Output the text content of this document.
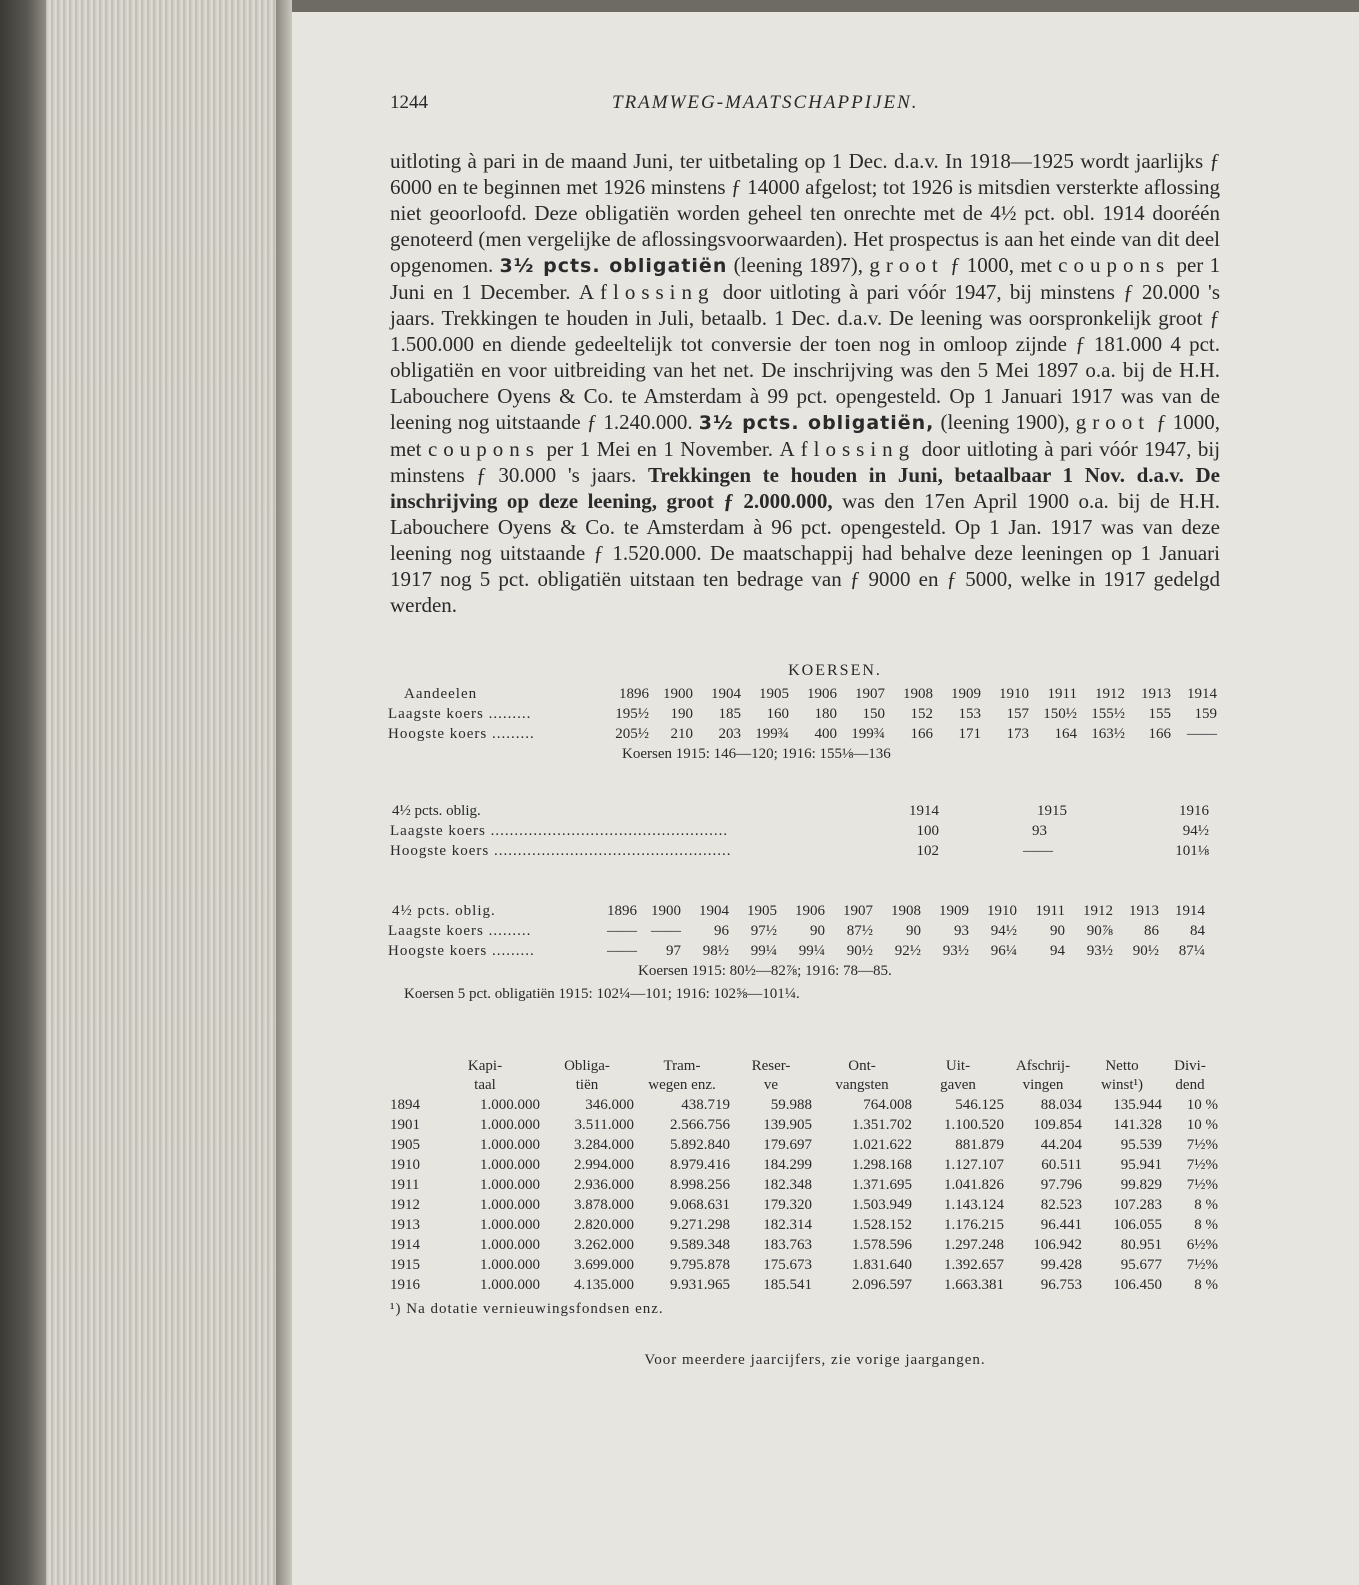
1244	TRAMWEG-MAATSCHAPPIJEN.
uitloting à pari in de maand Juni, ter uitbetaling op 1 Dec. d.a.v. In 1918—1925 wordt jaarlijks ƒ 6000 en te beginnen met 1926 minstens ƒ 14000 afgelost; tot 1926 is mitsdien versterkte aflossing niet geoorloofd. Deze obligatiën worden geheel ten onrechte met de 4½ pct. obl. 1914 dooréén genoteerd (men vergelijke de aflossingsvoorwaarden). Het prospectus is aan het einde van dit deel opgenomen. 3½ pcts. obligatiën (leening 1897), groot ƒ 1000, met coupons per 1 Juni en 1 December. Aflossing door uitloting à pari vóór 1947, bij minstens ƒ 20.000 's jaars. Trekkingen te houden in Juli, betaalb. 1 Dec. d.a.v. De leening was oorspronkelijk groot ƒ 1.500.000 en diende gedeeltelijk tot conversie der toen nog in omloop zijnde ƒ 181.000 4 pct. obligatiën en voor uitbreiding van het net. De inschrijving was den 5 Mei 1897 o.a. bij de H.H. Labouchere Oyens & Co. te Amsterdam à 99 pct. opengesteld. Op 1 Januari 1917 was van de leening nog uitstaande ƒ 1.240.000. 3½ pcts. obligatiën, (leening 1900), groot ƒ 1000, met coupons per 1 Mei en 1 November. Aflossing door uitloting à pari vóór 1947, bij minstens ƒ 30.000 's jaars. Trekkingen te houden in Juni, betaalbaar 1 Nov. d.a.v. De inschrijving op deze leening, groot ƒ 2.000.000, was den 17en April 1900 o.a. bij de H.H. Labouchere Oyens & Co. te Amsterdam à 96 pct. opengesteld. Op 1 Jan. 1917 was van deze leening nog uitstaande ƒ 1.520.000. De maatschappij had behalve deze leeningen op 1 Januari 1917 nog 5 pct. obligatiën uitstaan ten bedrage van ƒ 9000 en ƒ 5000, welke in 1917 gedelgd werden.
KOERSEN.
Aandeelen	1896	1900	1904	1905	1906	1907	1908	1909	1910	1911	1912	1913	1914
Laagste koers .........	195½	190	185	160	180	150	152	153	157	150½	155½	155	159
Hoogste koers .........	205½	210	203	199¾	400	199¾	166	171	173	164	163½	166	——
Koersen 1915: 146—120; 1916: 155⅛—136
4½ pcts. oblig.	1914	1915	1916
Laagste koers ..................................................	100	93	94½
Hoogste koers ..................................................	102	——	101⅛
4½ pcts. oblig.	1896	1900	1904	1905	1906	1907	1908	1909	1910	1911	1912	1913	1914
Laagste koers .........	——	——	96	97½	90	87½	90	93	94½	90	90⅞	86	84
Hoogste koers .........	——	97	98½	99¼	99¼	90½	92½	93½	96¼	94	93½	90½	87¼
Koersen 1915: 80½—82⅞; 1916: 78—85.
Koersen 5 pct. obligatiën 1915: 102¼—101; 1916: 102⅝—101¼.
	Kapi-	Obliga-	Tram-	Reser-	Ont-	Uit-	Afschrij-	Netto	Divi-
	taal	tiën	wegen enz.	ve	vangsten	gaven	vingen	winst¹)	dend
1894	1.000.000	346.000	438.719	59.988	764.008	546.125	88.034	135.944	10 %
1901	1.000.000	3.511.000	2.566.756	139.905	1.351.702	1.100.520	109.854	141.328	10 %
1905	1.000.000	3.284.000	5.892.840	179.697	1.021.622	881.879	44.204	95.539	7½%
1910	1.000.000	2.994.000	8.979.416	184.299	1.298.168	1.127.107	60.511	95.941	7½%
1911	1.000.000	2.936.000	8.998.256	182.348	1.371.695	1.041.826	97.796	99.829	7½%
1912	1.000.000	3.878.000	9.068.631	179.320	1.503.949	1.143.124	82.523	107.283	8 %
1913	1.000.000	2.820.000	9.271.298	182.314	1.528.152	1.176.215	96.441	106.055	8 %
1914	1.000.000	3.262.000	9.589.348	183.763	1.578.596	1.297.248	106.942	80.951	6½%
1915	1.000.000	3.699.000	9.795.878	175.673	1.831.640	1.392.657	99.428	95.677	7½%
1916	1.000.000	4.135.000	9.931.965	185.541	2.096.597	1.663.381	96.753	106.450	8 %
¹) Na dotatie vernieuwingsfondsen enz.
Voor meerdere jaarcijfers, zie vorige jaargangen.
